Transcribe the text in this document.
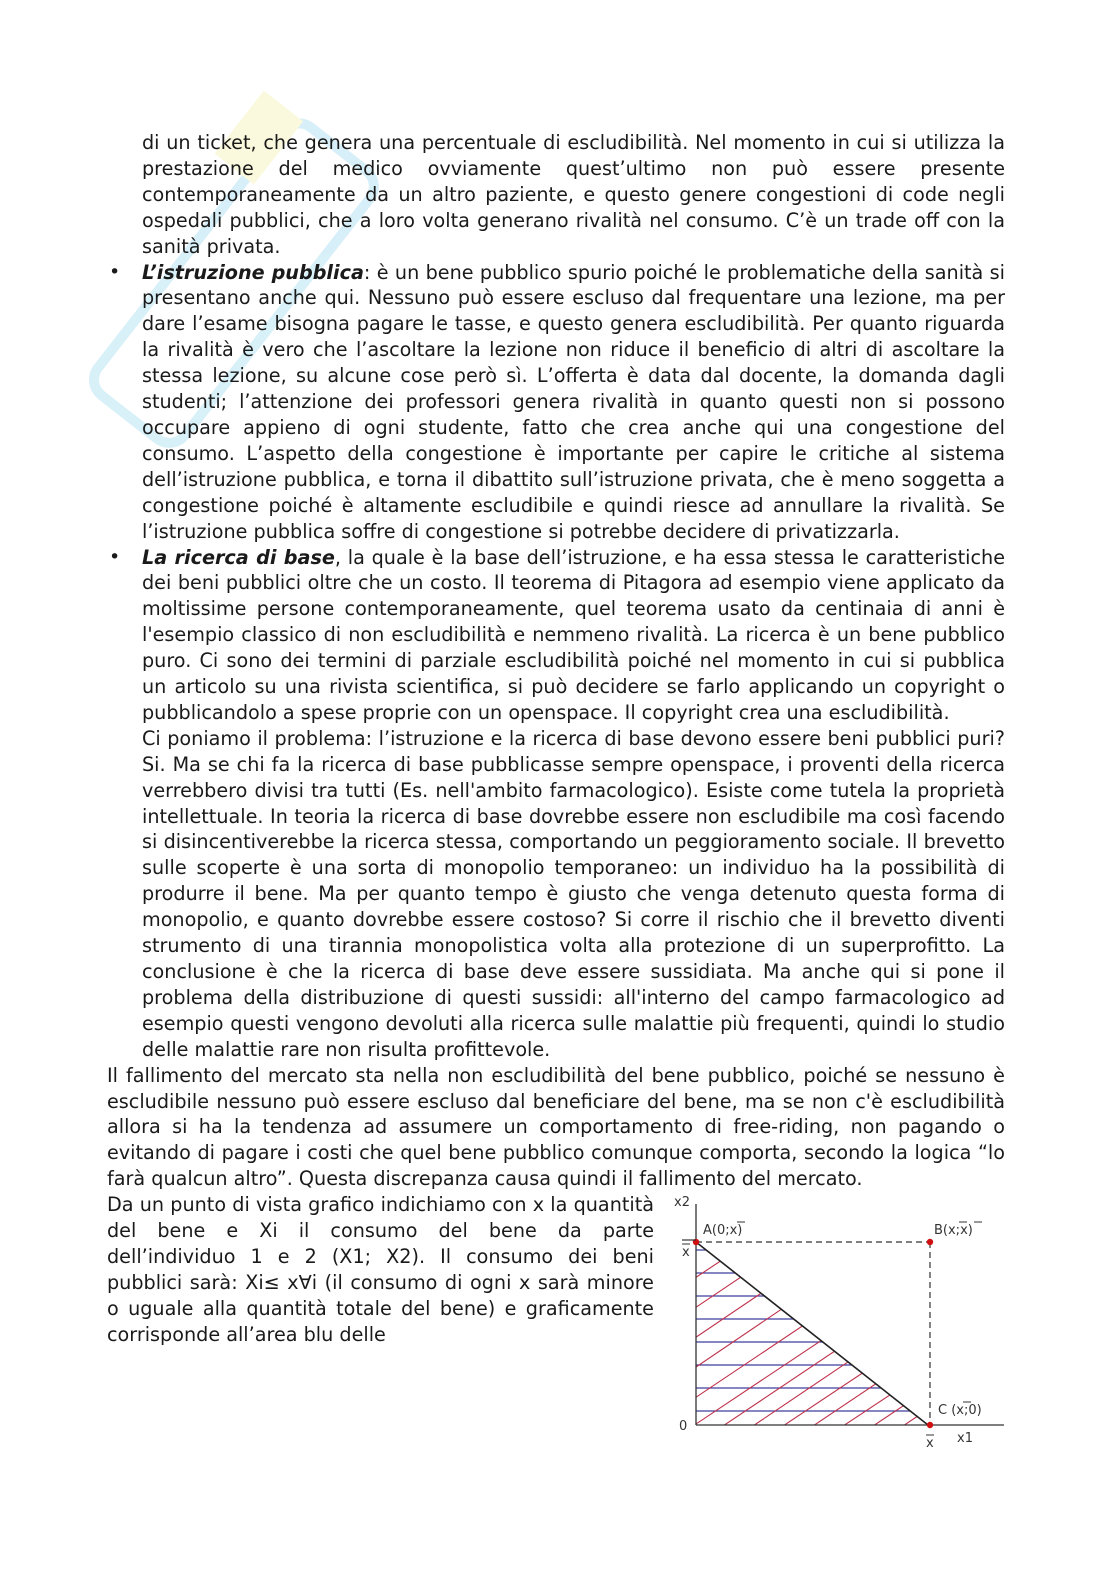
di un ticket, che genera una percentuale di escludibilità. Nel momento in cui si utilizza la prestazione del medico ovviamente quest’ultimo non può essere presente contemporaneamente da un altro paziente, e questo genere congestioni di code negli ospedali pubblici, che a loro volta generano rivalità nel consumo. C’è un trade off con la sanità privata.

• L’istruzione pubblica: è un bene pubblico spurio poiché le problematiche della sanità si presentano anche qui. Nessuno può essere escluso dal frequentare una lezione, ma per dare l’esame bisogna pagare le tasse, e questo genera escludibilità. Per quanto riguarda la rivalità è vero che l’ascoltare la lezione non riduce il beneficio di altri di ascoltare la stessa lezione, su alcune cose però sì. L’offerta è data dal docente, la domanda dagli studenti; l’attenzione dei professori genera rivalità in quanto questi non si possono occupare appieno di ogni studente, fatto che crea anche qui una congestione del consumo. L’aspetto della congestione è importante per capire le critiche al sistema dell’istruzione pubblica, e torna il dibattito sull’istruzione privata, che è meno soggetta a congestione poiché è altamente escludibile e quindi riesce ad annullare la rivalità. Se l’istruzione pubblica soffre di congestione si potrebbe decidere di privatizzarla.

• La ricerca di base, la quale è la base dell’istruzione, e ha essa stessa le caratteristiche dei beni pubblici oltre che un costo. Il teorema di Pitagora ad esempio viene applicato da moltissime persone contemporaneamente, quel teorema usato da centinaia di anni è l'esempio classico di non escludibilità e nemmeno rivalità. La ricerca è un bene pubblico puro. Ci sono dei termini di parziale escludibilità poiché nel momento in cui si pubblica un articolo su una rivista scientifica, si può decidere se farlo applicando un copyright o pubblicandolo a spese proprie con un openspace. Il copyright crea una escludibilità.

Ci poniamo il problema: l’istruzione e la ricerca di base devono essere beni pubblici puri? Si. Ma se chi fa la ricerca di base pubblicasse sempre openspace, i proventi della ricerca verrebbero divisi tra tutti (Es. nell'ambito farmacologico). Esiste come tutela la proprietà intellettuale. In teoria la ricerca di base dovrebbe essere non escludibile ma così facendo si disincentiverebbe la ricerca stessa, comportando un peggioramento sociale. Il brevetto sulle scoperte è una sorta di monopolio temporaneo: un individuo ha la possibilità di produrre il bene. Ma per quanto tempo è giusto che venga detenuto questa forma di monopolio, e quanto dovrebbe essere costoso? Si corre il rischio che il brevetto diventi strumento di una tirannia monopolistica volta alla protezione di un superprofitto. La conclusione è che la ricerca di base deve essere sussidiata. Ma anche qui si pone il problema della distribuzione di questi sussidi: all'interno del campo farmacologico ad esempio questi vengono devoluti alla ricerca sulle malattie più frequenti, quindi lo studio delle malattie rare non risulta profittevole.

Il fallimento del mercato sta nella non escludibilità del bene pubblico, poiché se nessuno è escludibile nessuno può essere escluso dal beneficiare del bene, ma se non c'è escludibilità allora si ha la tendenza ad assumere un comportamento di free-riding, non pagando o evitando di pagare i costi che quel bene pubblico comunque comporta, secondo la logica “lo farà qualcun altro”. Questa discrepanza causa quindi il fallimento del mercato.

Da un punto di vista grafico indichiamo con x la quantità del bene e Xi il consumo del bene da parte dell’individuo 1 e 2 (X1; X2). Il consumo dei beni pubblici sarà: Xi≤ x∀i (il consumo di ogni x sarà minore o uguale alla quantità totale del bene) e graficamente corrisponde all’area blu delle

x2
x
A(0;x)	B(x;x)
C (x;0)
0
x x1
